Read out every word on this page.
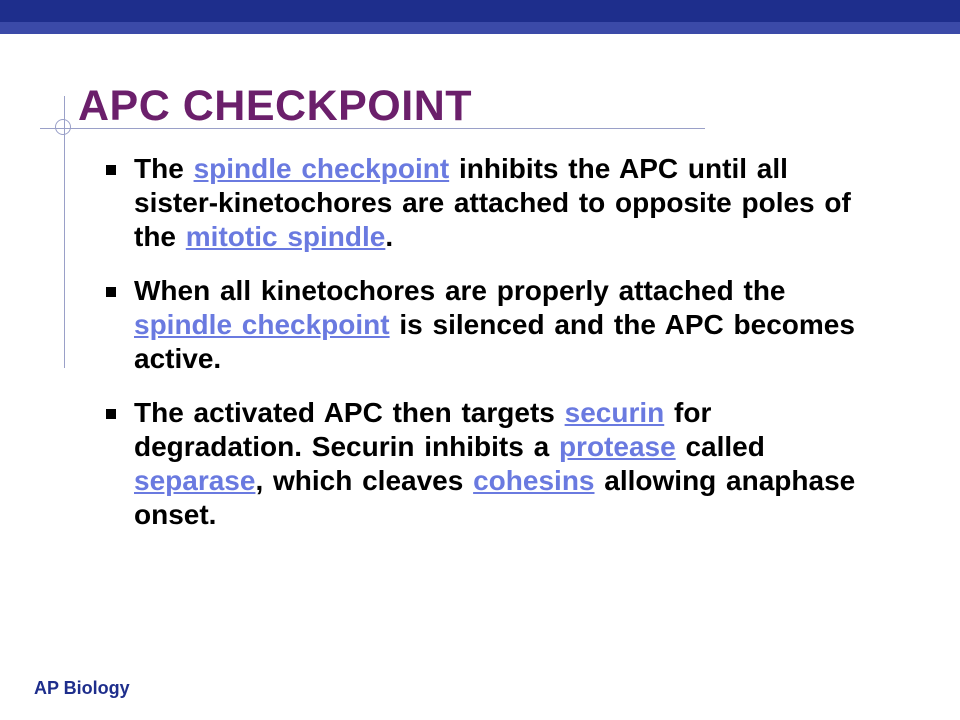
APC CHECKPOINT
The spindle checkpoint inhibits the APC until all sister-kinetochores are attached to opposite poles of the mitotic spindle.
When all kinetochores are properly attached the spindle checkpoint is silenced and the APC becomes active.
The activated APC then targets securin for degradation. Securin inhibits a protease called separase, which cleaves cohesins allowing anaphase onset.
AP Biology
